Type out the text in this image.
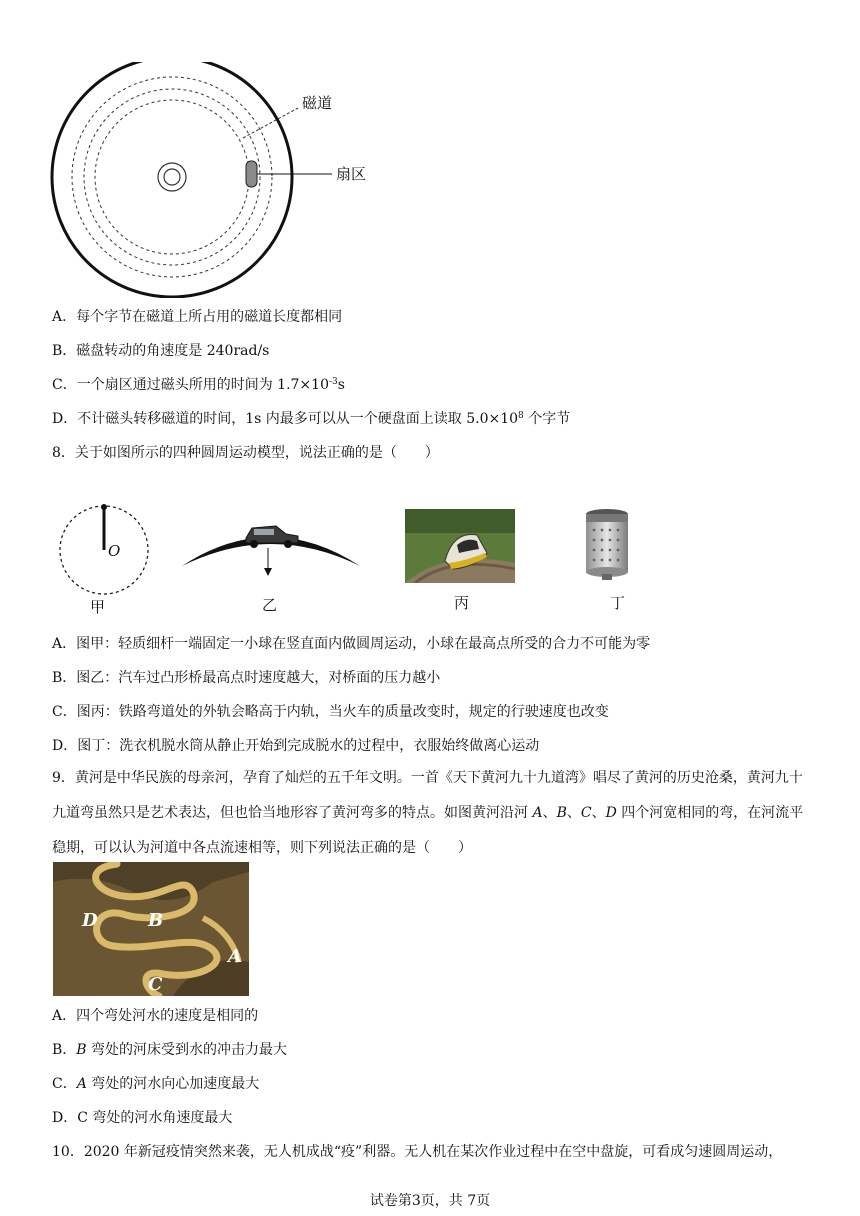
磁道
扇区
A．每个字节在磁道上所占用的磁道长度都相同
B．磁盘转动的角速度是 240rad/s
C．一个扇区通过磁头所用的时间为 $1.7\times 10^{-3}s$
D．不计磁头转移磁道的时间，1s 内最多可以从一个硬盘面上读取 $5.0\times 10^8$ 个字节
8．关于如图所示的四种圆周运动模型，说法正确的是（　　）
O
甲	乙	丙	丁
A．图甲：轻质细杆一端固定一小球在竖直面内做圆周运动，小球在最高点所受的合力不可能为零
B．图乙：汽车过凸形桥最高点时速度越大，对桥面的压力越小
C．图丙：铁路弯道处的外轨会略高于内轨，当火车的质量改变时，规定的行驶速度也改变
D．图丁：洗衣机脱水筒从静止开始到完成脱水的过程中，衣服始终做离心运动
9．黄河是中华民族的母亲河，孕育了灿烂的五千年文明。一首《天下黄河九十九道湾》唱尽了黄河的历史沧桑，黄河九十九道弯虽然只是艺术表达，但也恰当地形容了黄河弯多的特点。如图黄河沿河 A、B、C、D 四个河宽相同的弯，在河流平稳期，可以认为河道中各点流速相等，则下列说法正确的是（　　）
D	B
A
C
A．四个弯处河水的速度是相同的
B．B 弯处的河床受到水的冲击力最大
C．A 弯处的河水向心加速度最大
D．C 弯处的河水角速度最大
10．2020 年新冠疫情突然来袭，无人机成战“疫”利器。无人机在某次作业过程中在空中盘旋，可看成匀速圆周运动，
试卷第3页，共 7页
